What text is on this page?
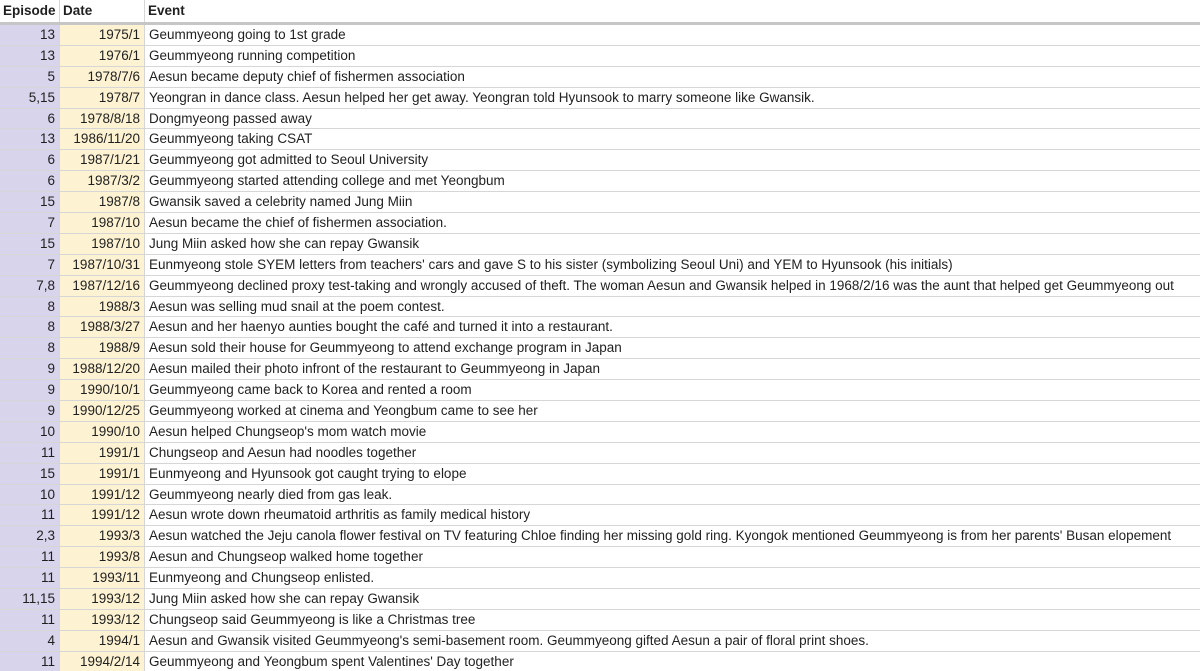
Episode Date	Event
13	1975/1 Geummyeong going to 1st grade
13	1976/1 Geummyeong running competition
5	1978/7/6 Aesun became deputy chief of fishermen association
5,15	1978/7 Yeongran in dance class. Aesun helped her get away. Yeongran told Hyunsook to marry someone like Gwansik.
6	1978/8/18 Dongmyeong passed away
13	1986/11/20 Geummyeong taking CSAT
6	1987/1/21 Geummyeong got admitted to Seoul University
6	1987/3/2 Geummyeong started attending college and met Yeongbum
15	1987/8 Gwansik saved a celebrity named Jung Miin
7	1987/10 Aesun became the chief of fishermen association.
15	1987/10 Jung Miin asked how she can repay Gwansik
7	1987/10/31 Eunmyeong stole SYEM letters from teachers' cars and gave S to his sister (symbolizing Seoul Uni) and YEM to Hyunsook (his initials)
7,8	1987/12/16 Geummyeong declined proxy test-taking and wrongly accused of theft. The woman Aesun and Gwansik helped in 1968/2/16 was the aunt that helped get Geummyeong out
8	1988/3 Aesun was selling mud snail at the poem contest.
8	1988/3/27 Aesun and her haenyo aunties bought the café and turned it into a restaurant.
8	1988/9 Aesun sold their house for Geummyeong to attend exchange program in Japan
9	1988/12/20 Aesun mailed their photo infront of the restaurant to Geummyeong in Japan
9	1990/10/1 Geummyeong came back to Korea and rented a room
9	1990/12/25 Geummyeong worked at cinema and Yeongbum came to see her
10	1990/10 Aesun helped Chungseop's mom watch movie
11	1991/1 Chungseop and Aesun had noodles together
15	1991/1 Eunmyeong and Hyunsook got caught trying to elope
10	1991/12 Geummyeong nearly died from gas leak.
11	1991/12 Aesun wrote down rheumatoid arthritis as family medical history
2,3	1993/3 Aesun watched the Jeju canola flower festival on TV featuring Chloe finding her missing gold ring. Kyongok mentioned Geummyeong is from her parents' Busan elopement
11	1993/8 Aesun and Chungseop walked home together
11	1993/11 Eunmyeong and Chungseop enlisted.
11,15	1993/12 Jung Miin asked how she can repay Gwansik
11	1993/12 Chungseop said Geummyeong is like a Christmas tree
4	1994/1 Aesun and Gwansik visited Geummyeong's semi-basement room. Geummyeong gifted Aesun a pair of floral print shoes.
11	1994/2/14 Geummyeong and Yeongbum spent Valentines' Day together
